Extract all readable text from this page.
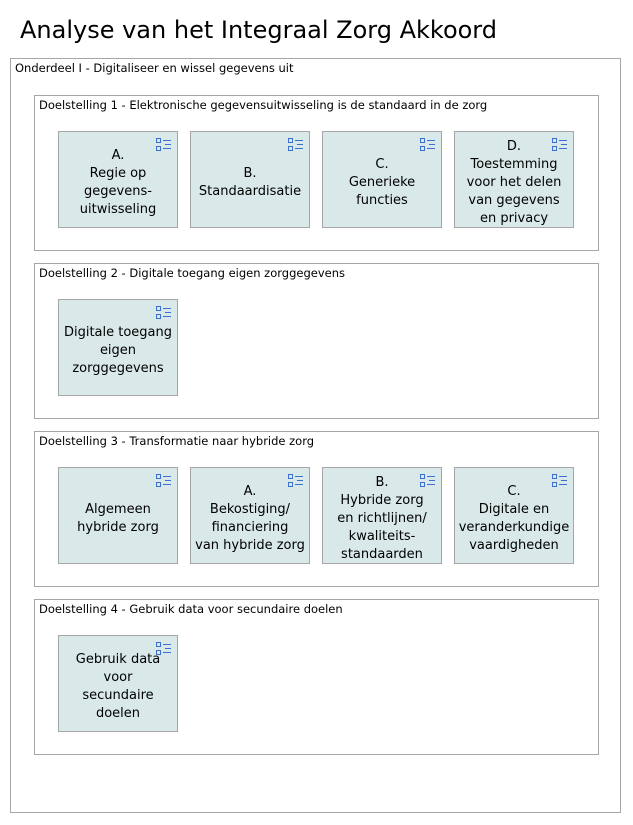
Analyse van het Integraal Zorg Akkoord
Onderdeel I - Digitaliseer en wissel gegevens uit
Doelstelling 1 - Elektronische gegevensuitwisseling is de standaard in de zorg
A.
Regie op
gegevens-
uitwisseling
B.
Standaardisatie
C.
Generieke
functies
D.
Toestemming
voor het delen
van gegevens
en privacy
Doelstelling 2 - Digitale toegang eigen zorggegevens
Digitale toegang
eigen
zorggegevens
Doelstelling 3 - Transformatie naar hybride zorg
Algemeen
hybride zorg
A.
Bekostiging/
financiering
van hybride zorg
B.
Hybride zorg
en richtlijnen/
kwaliteits-
standaarden
C.
Digitale en
veranderkundige
vaardigheden
Doelstelling 4 - Gebruik data voor secundaire doelen
Gebruik data
voor
secundaire
doelen
